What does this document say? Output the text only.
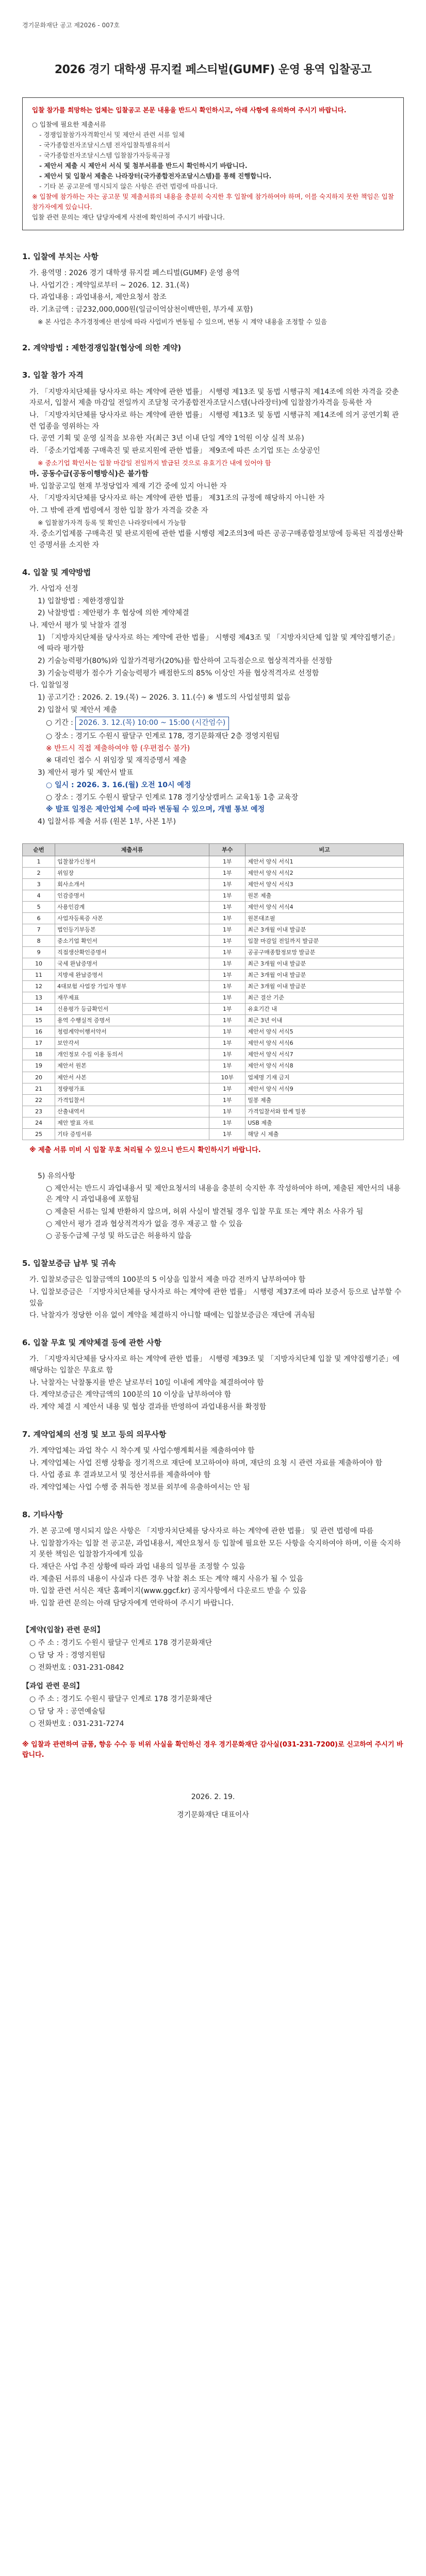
경기문화재단 공고 제2026 - 007호
2026 경기 대학생 뮤지컬 페스티벌(GUMF) 운영 용역 입찰공고
입찰 참가를 희망하는 업체는 입찰공고 본문 내용을 반드시 확인하시고, 아래 사항에 유의하여 주시기 바랍니다.
○ 입찰에 필요한 제출서류
- 경쟁입찰참가자격확인서 및 제안서 관련 서류 일체
- 국가종합전자조달시스템 전자입찰특별유의서
- 국가종합전자조달시스템 입찰참가자등록규정
- 제안서 제출 시 제안서 서식 및 첨부서류를 반드시 확인하시기 바랍니다.
- 제안서 및 입찰서 제출은 나라장터(국가종합전자조달시스템)를 통해 진행합니다.
- 기타 본 공고문에 명시되지 않은 사항은 관련 법령에 따릅니다.
※ 입찰에 참가하는 자는 공고문 및 제출서류의 내용을 충분히 숙지한 후 입찰에 참가하여야 하며, 이를 숙지하지 못한 책임은 입찰참가자에게 있습니다.
입찰 관련 문의는 재단 담당자에게 사전에 확인하여 주시기 바랍니다.
1. 입찰에 부치는 사항
가. 용역명 : 2026 경기 대학생 뮤지컬 페스티벌(GUMF) 운영 용역
나. 사업기간 : 계약일로부터 ~ 2026. 12. 31.(목)
다. 과업내용 : 과업내용서, 제안요청서 참조
라. 기초금액 : 금232,000,000원(일금이억삼천이백만원, 부가세 포함)
※ 본 사업은 추가경정예산 편성에 따라 사업비가 변동될 수 있으며, 변동 시 계약 내용을 조정할 수 있음
2. 계약방법 : 제한경쟁입찰(협상에 의한 계약)
3. 입찰 참가 자격
가. 「지방자치단체를 당사자로 하는 계약에 관한 법률」 시행령 제13조 및 동법 시행규칙 제14조에 의한 자격을 갖춘 자로서, 입찰서 제출 마감일 전일까지 조달청 국가종합전자조달시스템(나라장터)에 입찰참가자격을 등록한 자
나. 「지방자치단체를 당사자로 하는 계약에 관한 법률」 시행령 제13조 및 동법 시행규칙 제14조에 의거 공연기획 관련 업종을 영위하는 자
다. 공연 기획 및 운영 실적을 보유한 자(최근 3년 이내 단일 계약 1억원 이상 실적 보유)
라. 「중소기업제품 구매촉진 및 판로지원에 관한 법률」 제9조에 따른 소기업 또는 소상공인
※ 중소기업 확인서는 입찰 마감일 전일까지 발급된 것으로 유효기간 내에 있어야 함
마. 공동수급(공동이행방식)은 불가함
바. 입찰공고일 현재 부정당업자 제재 기간 중에 있지 아니한 자
사. 「지방자치단체를 당사자로 하는 계약에 관한 법률」 제31조의 규정에 해당하지 아니한 자
아. 그 밖에 관계 법령에서 정한 입찰 참가 자격을 갖춘 자
※ 입찰참가자격 등록 및 확인은 나라장터에서 가능함
자. 중소기업제품 구매촉진 및 판로지원에 관한 법률 시행령 제2조의3에 따른 공공구매종합정보망에 등록된 직접생산확인 증명서를 소지한 자
4. 입찰 및 계약방법
가. 사업자 선정
1) 입찰방법 : 제한경쟁입찰
2) 낙찰방법 : 제안평가 후 협상에 의한 계약체결
나. 제안서 평가 및 낙찰자 결정
1) 「지방자치단체를 당사자로 하는 계약에 관한 법률」 시행령 제43조 및 「지방자치단체 입찰 및 계약집행기준」에 따라 평가함
2) 기술능력평가(80%)와 입찰가격평가(20%)를 합산하여 고득점순으로 협상적격자를 선정함
3) 기술능력평가 점수가 기술능력평가 배점한도의 85% 이상인 자를 협상적격자로 선정함
다. 입찰일정
1) 공고기간 : 2026. 2. 19.(목) ~ 2026. 3. 11.(수) ※ 별도의 사업설명회 없음
2) 입찰서 및 제안서 제출
○ 기간 : 2026. 3. 12.(목) 10:00 ~ 15:00 (시간엄수)
○ 장소 : 경기도 수원시 팔달구 인계로 178, 경기문화재단 2층 경영지원팀
※ 반드시 직접 제출하여야 함 (우편접수 불가)
※ 대리인 접수 시 위임장 및 재직증명서 제출
3) 제안서 평가 및 제안서 발표
○ 일시 : 2026. 3. 16.(월) 오전 10시 예정
○ 장소 : 경기도 수원시 팔달구 인계로 178 경기상상캠퍼스 교육1동 1층 교육장
※ 발표 일정은 제안업체 수에 따라 변동될 수 있으며, 개별 통보 예정
4) 입찰서류 제출 서류 (원본 1부, 사본 1부)
순번	제출서류	부수	비고
1	입찰참가신청서	1부	제안서 양식 서식1
2	위임장	1부	제안서 양식 서식2
3	회사소개서	1부	제안서 양식 서식3
4	인감증명서	1부	원본 제출
5	사용인감계	1부	제안서 양식 서식4
6	사업자등록증 사본	1부	원본대조필
7	법인등기부등본	1부	최근 3개월 이내 발급분
8	중소기업 확인서	1부	입찰 마감일 전일까지 발급분
9	직접생산확인증명서	1부	공공구매종합정보망 발급분
10	국세 완납증명서	1부	최근 3개월 이내 발급분
11	지방세 완납증명서	1부	최근 3개월 이내 발급분
12	4대보험 사업장 가입자 명부	1부	최근 3개월 이내 발급분
13	재무제표	1부	최근 결산 기준
14	신용평가 등급확인서	1부	유효기간 내
15	용역 수행실적 증명서	1부	최근 3년 이내
16	청렴계약이행서약서	1부	제안서 양식 서식5
17	보안각서	1부	제안서 양식 서식6
18	개인정보 수집 이용 동의서	1부	제안서 양식 서식7
19	제안서 원본	1부	제안서 양식 서식8
20	제안서 사본	10부	업체명 기재 금지
21	정량평가표	1부	제안서 양식 서식9
22	가격입찰서	1부	밀봉 제출
23	산출내역서	1부	가격입찰서와 함께 밀봉
24	제안 발표 자료	1부	USB 제출
25	기타 증빙서류	1부	해당 시 제출
※ 제출 서류 미비 시 입찰 무효 처리될 수 있으니 반드시 확인하시기 바랍니다.
5) 유의사항
○ 제안서는 반드시 과업내용서 및 제안요청서의 내용을 충분히 숙지한 후 작성하여야 하며, 제출된 제안서의 내용은 계약 시 과업내용에 포함됨
○ 제출된 서류는 일체 반환하지 않으며, 허위 사실이 발견될 경우 입찰 무효 또는 계약 취소 사유가 됨
○ 제안서 평가 결과 협상적격자가 없을 경우 재공고 할 수 있음
○ 공동수급체 구성 및 하도급은 허용하지 않음
5. 입찰보증금 납부 및 귀속
가. 입찰보증금은 입찰금액의 100분의 5 이상을 입찰서 제출 마감 전까지 납부하여야 함
나. 입찰보증금은 「지방자치단체를 당사자로 하는 계약에 관한 법률」 시행령 제37조에 따라 보증서 등으로 납부할 수 있음
다. 낙찰자가 정당한 이유 없이 계약을 체결하지 아니할 때에는 입찰보증금은 재단에 귀속됨
6. 입찰 무효 및 계약체결 등에 관한 사항
가. 「지방자치단체를 당사자로 하는 계약에 관한 법률」 시행령 제39조 및 「지방자치단체 입찰 및 계약집행기준」에 해당하는 입찰은 무효로 함
나. 낙찰자는 낙찰통지를 받은 날로부터 10일 이내에 계약을 체결하여야 함
다. 계약보증금은 계약금액의 100분의 10 이상을 납부하여야 함
라. 계약 체결 시 제안서 내용 및 협상 결과를 반영하여 과업내용서를 확정함
7. 계약업체의 선정 및 보고 등의 의무사항
가. 계약업체는 과업 착수 시 착수계 및 사업수행계획서를 제출하여야 함
나. 계약업체는 사업 진행 상황을 정기적으로 재단에 보고하여야 하며, 재단의 요청 시 관련 자료를 제출하여야 함
다. 사업 종료 후 결과보고서 및 정산서류를 제출하여야 함
라. 계약업체는 사업 수행 중 취득한 정보를 외부에 유출하여서는 안 됨
8. 기타사항
가. 본 공고에 명시되지 않은 사항은 「지방자치단체를 당사자로 하는 계약에 관한 법률」 및 관련 법령에 따름
나. 입찰참가자는 입찰 전 공고문, 과업내용서, 제안요청서 등 입찰에 필요한 모든 사항을 숙지하여야 하며, 이를 숙지하지 못한 책임은 입찰참가자에게 있음
다. 재단은 사업 추진 상황에 따라 과업 내용의 일부를 조정할 수 있음
라. 제출된 서류의 내용이 사실과 다른 경우 낙찰 취소 또는 계약 해지 사유가 될 수 있음
마. 입찰 관련 서식은 재단 홈페이지(www.ggcf.kr) 공지사항에서 다운로드 받을 수 있음
바. 입찰 관련 문의는 아래 담당자에게 연락하여 주시기 바랍니다.
【계약(입찰) 관련 문의】
○ 주 소 : 경기도 수원시 팔달구 인계로 178 경기문화재단
○ 담 당 자 : 경영지원팀
○ 전화번호 : 031-231-0842
【과업 관련 문의】
○ 주 소 : 경기도 수원시 팔달구 인계로 178 경기문화재단
○ 담 당 자 : 공연예술팀
○ 전화번호 : 031-231-7274
※ 입찰과 관련하여 금품, 향응 수수 등 비위 사실을 확인하신 경우 경기문화재단 감사실(031-231-7200)로 신고하여 주시기 바랍니다.
2026. 2. 19.
경기문화재단 대표이사
